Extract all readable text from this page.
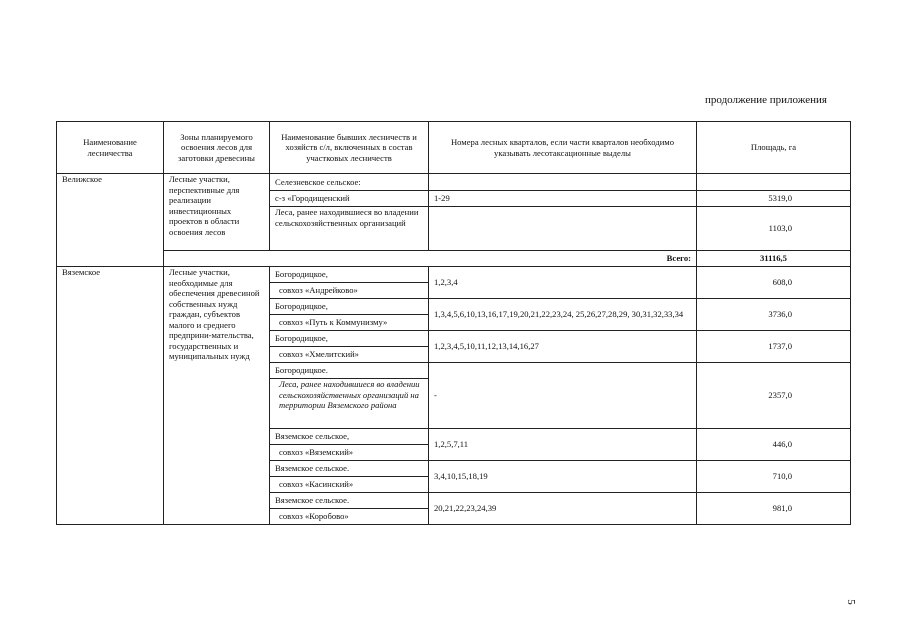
продолжение приложения
Наименование лесничества	Зоны планируемого освоения лесов для заготовки древесины	Наименование бывших лесничеств и хозяйств с/л, включенных в состав участковых лесничеств	Номера лесных кварталов, если части кварталов необходимо указывать лесотаксационные выделы	Площадь, га
Велижское	Лесные участки, перспективные для реализации инвестиционных проектов в области освоения лесов	Селезневское сельское:		
		с-з «Городищенский	1-29	5319,0
		Леса, ранее находившиеся во владении сельскохозяйственных организаций		1103,0
	Всего:			31116,5
Вяземское	Лесные участки, необходимые для обеспечения древесиной собственных нужд граждан, субъектов малого и среднего предприни-мательства, государственных и муниципальных нужд	Богородицкое,	1,2,3,4	608,0
		совхоз «Андрейково»		
		Богородицкое,	1,3,4,5,6,10,13,16,17,19,20,21,22,23,24, 25,26,27,28,29, 30,31,32,33,34	3736,0
		совхоз «Путь к Коммунизму»		
		Богородицкое,	1,2,3,4,5,10,11,12,13,14,16,27	1737,0
		совхоз «Хмелитский»		
		Богородицкое.	-	2357,0
		Леса, ранее находившиеся во владении сельскохозяйственных организаций на территории Вяземского района		
		Вяземское сельское,	1,2,5,7,11	446,0
		совхоз «Вяземский»		
		Вяземское сельское.	3,4,10,15,18,19	710,0
		совхоз «Касинский»		
		Вяземское сельское.	20,21,22,23,24,39	981,0
		совхоз «Коробово»		
5
